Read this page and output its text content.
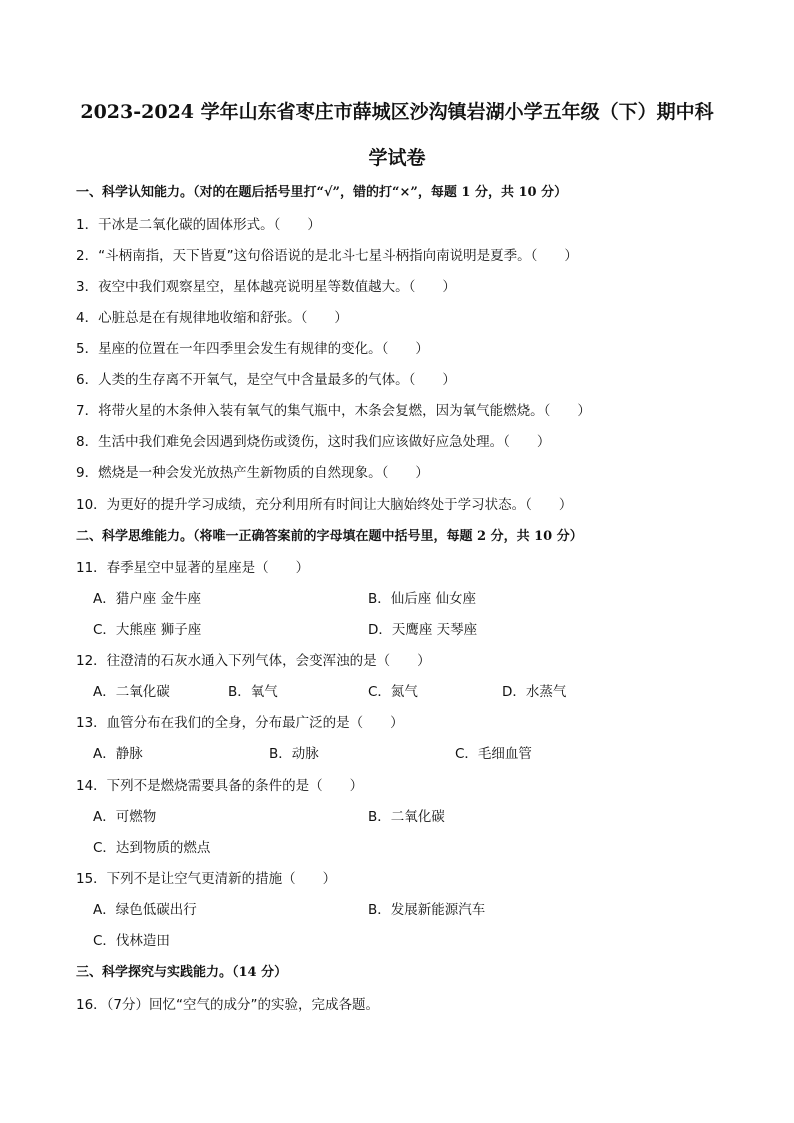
2023-2024 学年山东省枣庄市薛城区沙沟镇岩湖小学五年级（下）期中科
学试卷
一、科学认知能力。（对的在题后括号里打“√”，错的打“×”，每题 1 分，共 10 分）
1．干冰是二氧化碳的固体形式。（　　）
2．“斗柄南指，天下皆夏”这句俗语说的是北斗七星斗柄指向南说明是夏季。（　　）
3．夜空中我们观察星空，星体越亮说明星等数值越大。（　　）
4．心脏总是在有规律地收缩和舒张。（　　）
5．星座的位置在一年四季里会发生有规律的变化。（　　）
6．人类的生存离不开氧气，是空气中含量最多的气体。（　　）
7．将带火星的木条伸入装有氧气的集气瓶中，木条会复燃，因为氧气能燃烧。（　　）
8．生活中我们难免会因遇到烧伤或烫伤，这时我们应该做好应急处理。（　　）
9．燃烧是一种会发光放热产生新物质的自然现象。（　　）
10．为更好的提升学习成绩，充分利用所有时间让大脑始终处于学习状态。（　　）
二、科学思维能力。（将唯一正确答案前的字母填在题中括号里，每题 2 分，共 10 分）
11．春季星空中显著的星座是（　　）
A．猎户座 金牛座	B．仙后座 仙女座
C．大熊座 狮子座	D．天鹰座 天琴座
12．往澄清的石灰水通入下列气体，会变浑浊的是（　　）
A．二氧化碳	B．氧气	C．氮气	D．水蒸气
13．血管分布在我们的全身，分布最广泛的是（　　）
A．静脉	B．动脉	C．毛细血管
14．下列不是燃烧需要具备的条件的是（　　）
A．可燃物	B．二氧化碳
C．达到物质的燃点
15．下列不是让空气更清新的措施（　　）
A．绿色低碳出行	B．发展新能源汽车
C．伐林造田
三、科学探究与实践能力。（14 分）
16．（7分）回忆“空气的成分”的实验，完成各题。
